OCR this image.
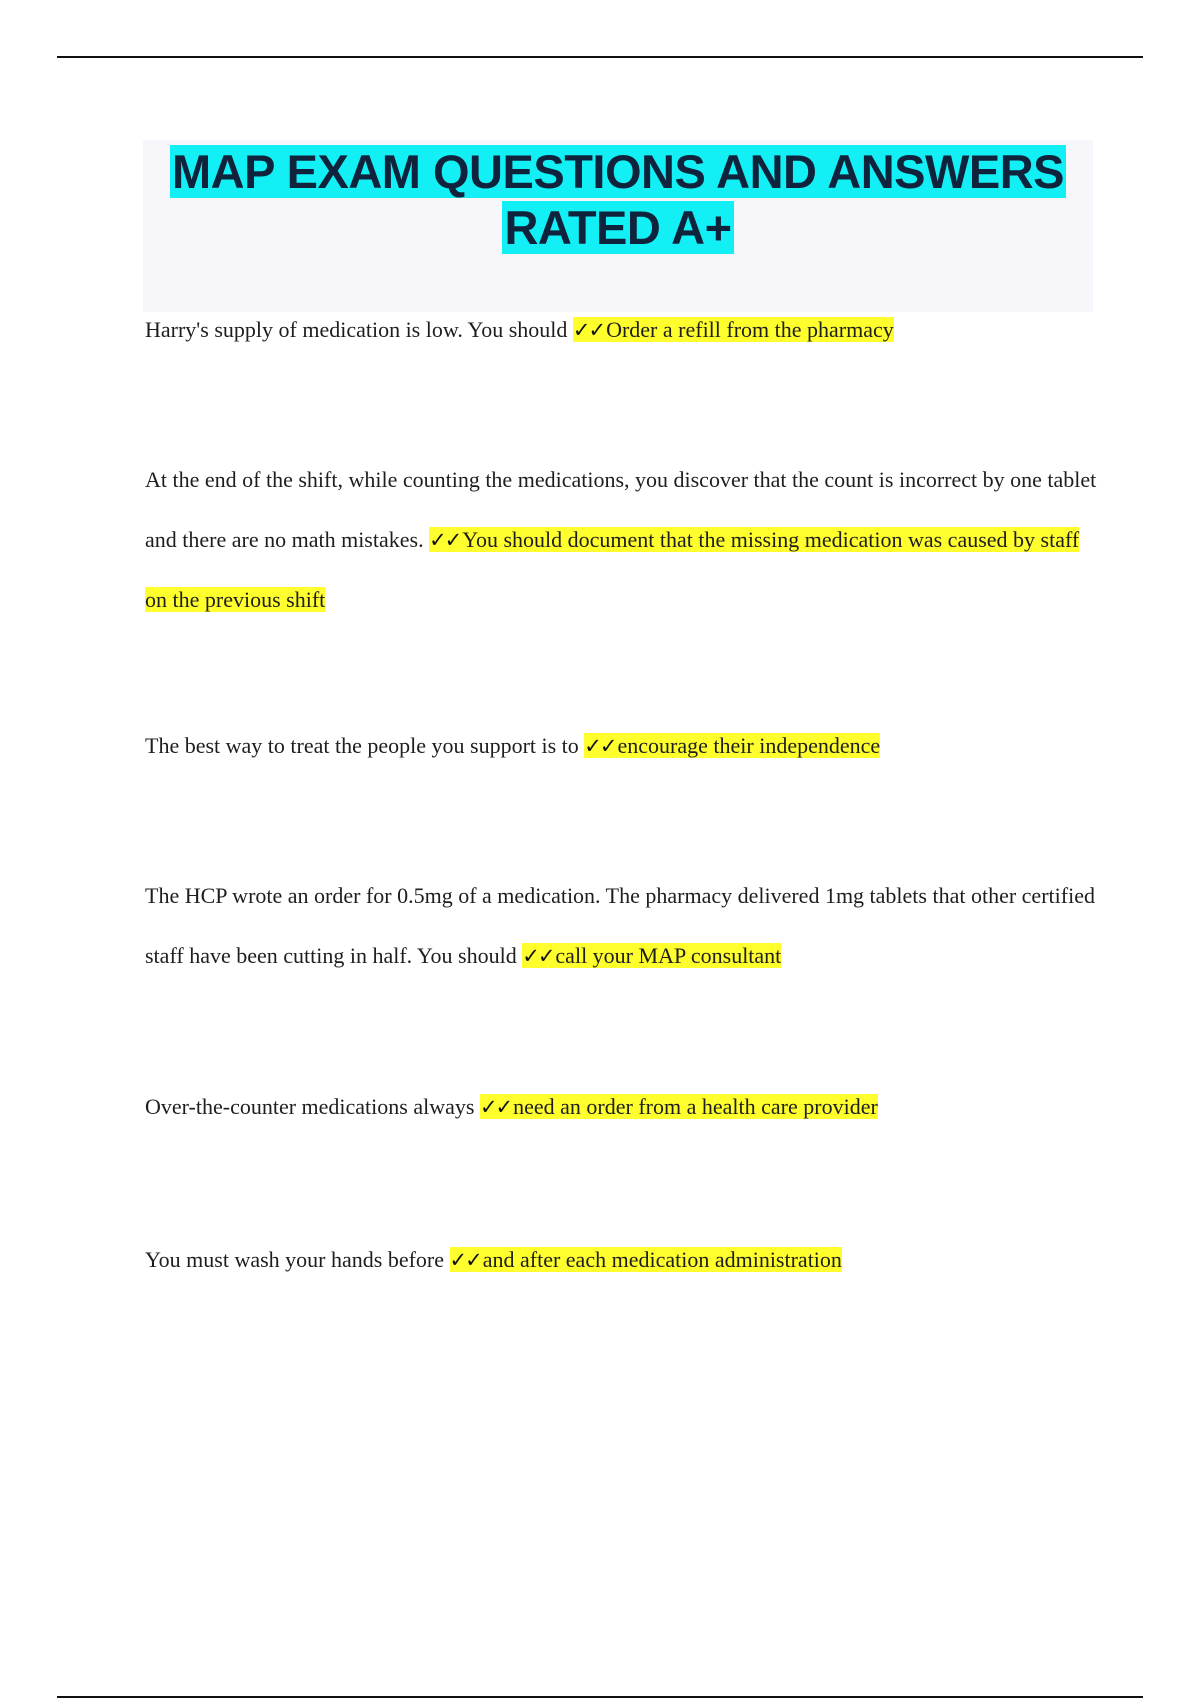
MAP EXAM QUESTIONS AND ANSWERS RATED A+

Harry's supply of medication is low. You should ✓✓Order a refill from the pharmacy

At the end of the shift, while counting the medications, you discover that the count is incorrect by one tablet and there are no math mistakes. ✓✓You should document that the missing medication was caused by staff on the previous shift

The best way to treat the people you support is to ✓✓encourage their independence

The HCP wrote an order for 0.5mg of a medication. The pharmacy delivered 1mg tablets that other certified staff have been cutting in half. You should ✓✓call your MAP consultant

Over-the-counter medications always ✓✓need an order from a health care provider

You must wash your hands before ✓✓and after each medication administration
